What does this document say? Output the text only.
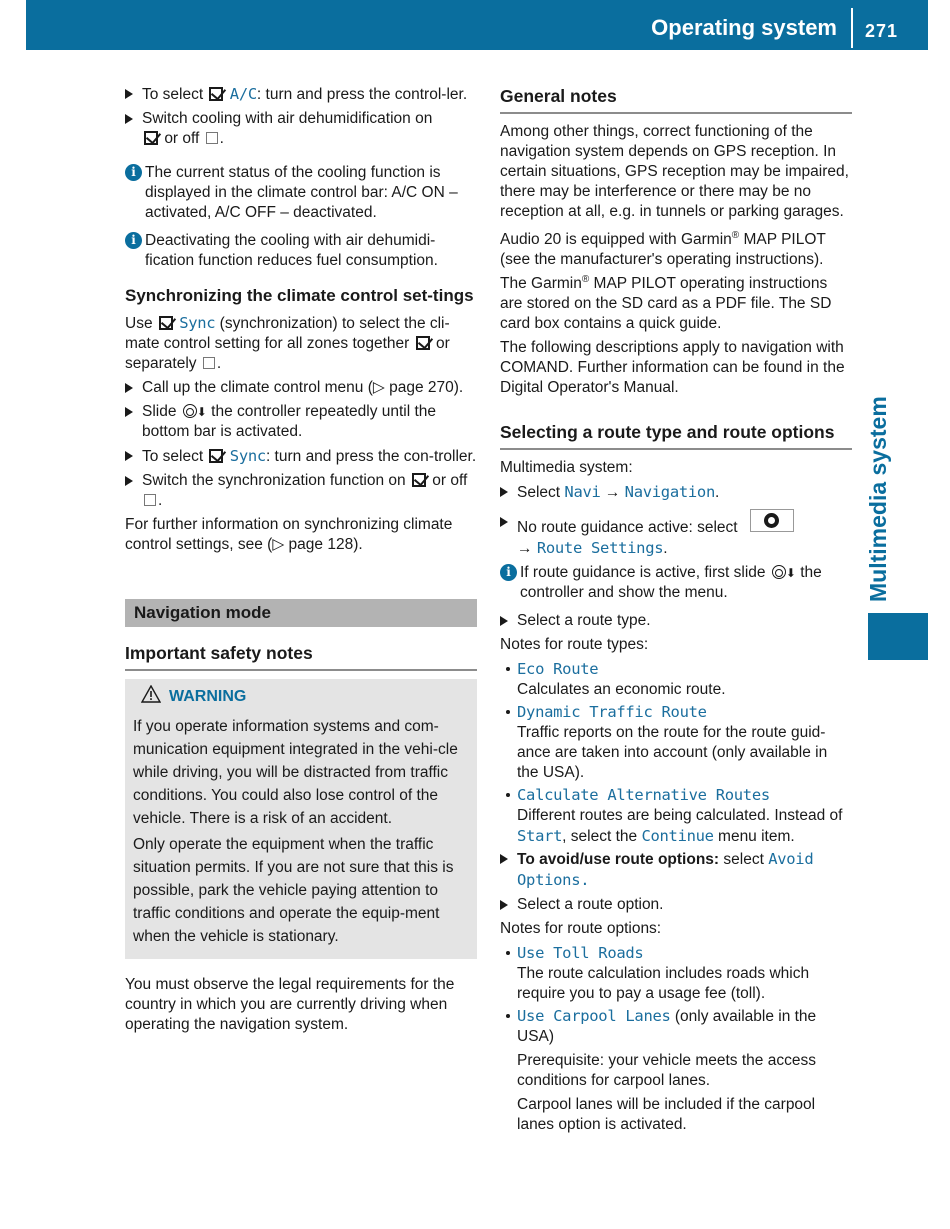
Operating system 271
Multimedia system
To select A/C: turn and press the control-ler.
Switch cooling with air dehumidification on
or off .
i The current status of the cooling function is displayed in the climate control bar: A/C ON – activated, A/C OFF – deactivated.
i Deactivating the cooling with air dehumidi-fication function reduces fuel consumption.
Synchronizing the climate control set-tings
Use Sync (synchronization) to select the cli-mate control setting for all zones together or separately .
Call up the climate control menu (▷ page 270).
Slide ⬇ the controller repeatedly until the bottom bar is activated.
To select Sync: turn and press the con-troller.
Switch the synchronization function on or off .
For further information on synchronizing climate control settings, see (▷ page 128).
Navigation mode
Important safety notes
WARNING

If you operate information systems and com-munication equipment integrated in the vehi-cle while driving, you will be distracted from traffic conditions. You could also lose control of the vehicle. There is a risk of an accident.

Only operate the equipment when the traffic situation permits. If you are not sure that this is possible, park the vehicle paying attention to traffic conditions and operate the equip-ment when the vehicle is stationary.

You must observe the legal requirements for the country in which you are currently driving when operating the navigation system.
General notes
Among other things, correct functioning of the navigation system depends on GPS reception. In certain situations, GPS reception may be impaired, there may be interference or there may be no reception at all, e.g. in tunnels or parking garages.
Audio 20 is equipped with Garmin® MAP PILOT (see the manufacturer's operating instructions). The Garmin® MAP PILOT operating instructions are stored on the SD card as a PDF file. The SD card box contains a quick guide.
The following descriptions apply to navigation with COMAND. Further information can be found in the Digital Operator's Manual.
Selecting a route type and route options
Multimedia system:
Select Navi → Navigation.
No route guidance active: select
→ Route Settings.
i If route guidance is active, first slide ⬇ the controller and show the menu.
Select a route type.
Notes for route types:
Eco Route
Calculates an economic route.
Dynamic Traffic Route
Traffic reports on the route for the route guid-ance are taken into account (only available in the USA).
Calculate Alternative Routes
Different routes are being calculated. Instead of Start, select the Continue menu item.
To avoid/use route options: select Avoid Options.
Select a route option.
Notes for route options:
Use Toll Roads
The route calculation includes roads which require you to pay a usage fee (toll).
Use Carpool Lanes (only available in the USA)
Prerequisite: your vehicle meets the access conditions for carpool lanes.
Carpool lanes will be included if the carpool lanes option is activated.
